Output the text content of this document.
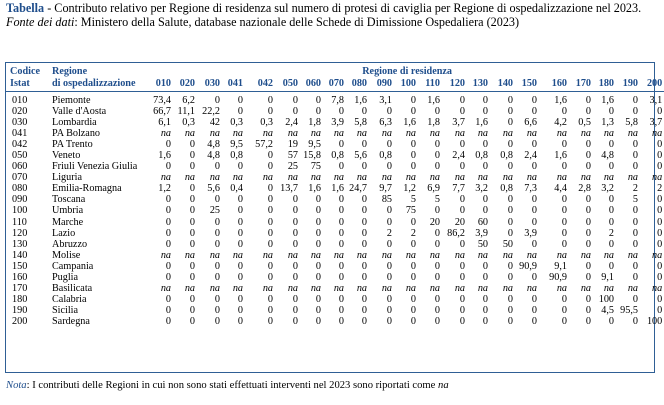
Tabella - Contributo relativo per Regione di residenza sul numero di protesi di caviglia per Regione di ospedalizzazione nel 2023.
Fonte dei dati: Ministero della Salute, database nazionale delle Schede di Dimissione Ospedaliera (2023)
Codice
Istat	Regione
di ospedalizzazione	Regione di residenza																				
		010	020	030	041	042	050	060	070	080	090	100	110	120	130	140	150	160	170	180	190	200
010	Piemonte	73,4	6,2	0	0	0	0	0	7,8	1,6	3,1	0	1,6	0	0	0	0	1,6	0	1,6	0	3,1
020	Valle d'Aosta	66,7	11,1	22,2	0	0	0	0	0	0	0	0	0	0	0	0	0	0	0	0	0	0
030	Lombardia	6,1	0,3	42	0,3	0,3	2,4	1,8	3,9	5,8	6,3	1,6	1,8	3,7	1,6	0	6,6	4,2	0,5	1,3	5,8	3,7
041	PA Bolzano	na	na	na	na	na	na	na	na	na	na	na	na	na	na	na	na	na	na	na	na	na
042	PA Trento	0	0	4,8	9,5	57,2	19	9,5	0	0	0	0	0	0	0	0	0	0	0	0	0	0
050	Veneto	1,6	0	4,8	0,8	0	57	15,8	0,8	5,6	0,8	0	0	2,4	0,8	0,8	2,4	1,6	0	4,8	0	0
060	Friuli Venezia Giulia	0	0	0	0	0	25	75	0	0	0	0	0	0	0	0	0	0	0	0	0	0
070	Liguria	na	na	na	na	na	na	na	na	na	na	na	na	na	na	na	na	na	na	na	na	na
080	Emilia-Romagna	1,2	0	5,6	0,4	0	13,7	1,6	1,6	24,7	9,7	1,2	6,9	7,7	3,2	0,8	7,3	4,4	2,8	3,2	2	2
090	Toscana	0	0	0	0	0	0	0	0	0	85	5	5	0	0	0	0	0	0	0	5	0
100	Umbria	0	0	25	0	0	0	0	0	0	0	75	0	0	0	0	0	0	0	0	0	0
110	Marche	0	0	0	0	0	0	0	0	0	0	0	20	20	60	0	0	0	0	0	0	0
120	Lazio	0	0	0	0	0	0	0	0	0	2	2	0	86,2	3,9	0	3,9	0	0	2	0	0
130	Abruzzo	0	0	0	0	0	0	0	0	0	0	0	0	0	50	50	0	0	0	0	0	0
140	Molise	na	na	na	na	na	na	na	na	na	na	na	na	na	na	na	na	na	na	na	na	na
150	Campania	0	0	0	0	0	0	0	0	0	0	0	0	0	0	0	90,9	9,1	0	0	0	0
160	Puglia	0	0	0	0	0	0	0	0	0	0	0	0	0	0	0	0	90,9	0	9,1	0	0
170	Basilicata	na	na	na	na	na	na	na	na	na	na	na	na	na	na	na	na	na	na	na	na	na
180	Calabria	0	0	0	0	0	0	0	0	0	0	0	0	0	0	0	0	0	0	100	0	0
190	Sicilia	0	0	0	0	0	0	0	0	0	0	0	0	0	0	0	0	0	0	4,5	95,5	0
200	Sardegna	0	0	0	0	0	0	0	0	0	0	0	0	0	0	0	0	0	0	0	0	100
Nota: I contributi delle Regioni in cui non sono stati effettuati interventi nel 2023 sono riportati come na
